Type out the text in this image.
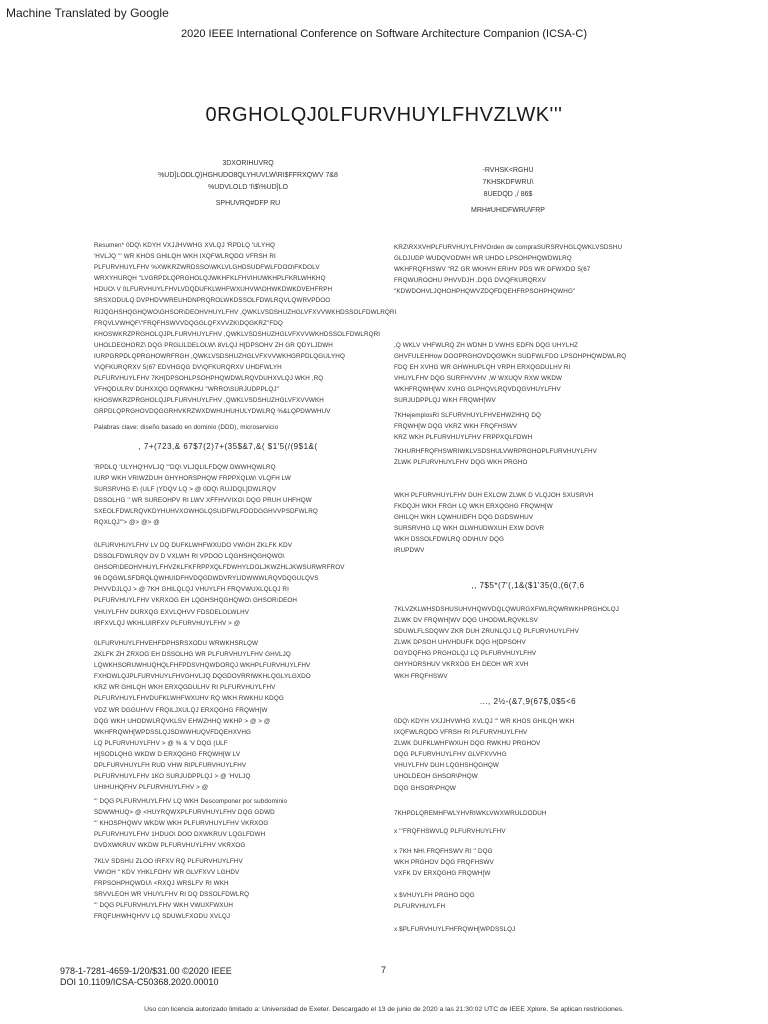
Machine Translated by Google
2020 IEEE International Conference on Software Architecture Companion (ICSA-C)
0RGHOLQJ0LFURVHUYLFHVZLWK'''
3DXORIHUVRQ
%UD]LODLQ)HGHUDO8QLYHUVLW\RI$FFRXQWV 7&8
%UDVLOLD 'I\$\%UD]LO
SPHUVRQ#DFP RU
-RVHSK<RGHU
7KHSKDFWRU\
8UEDQD ,/ 86$
MRH#UHIDFWRU\FRP

Resumen* 0DQ\ KDYH VXJJHVWHG XVLQJ 'RPDLQ 'ULYHQ

'HVLJQ ''' WR KHOS GHILQH WKH IXQFWLRQDO VFRSH RI

PLFURVHUYLFHV %XWKRZWRDSSO\WKLVLGHDSUDFWLFDOO\FKDOLV

WRXYHURQH "LVGRPDLQPRGHOLQJWKHFKLFHVIHUWKHPLFKRLWHKHQ

HDUO\ V 0LFURVHUYLFHVLVDQDUFKLWHFWXUHVW\OHWKDWKDVEHFRPH

SRSXODULQ DVPHDVWREUHDNPRQROLWKDSSOLFDWLRQVLQWRVPDOO

RIJQGHSHQGHQWO\GHSOR\DEOHVHUYLFHV ,QWKLVSDSHUZHGLVFXVVWKHDSSOLFDWLRQRI

FRQVLVWHQF\"FRQFHSWVVDQGGLQFXVVZK\DQGKRZ"FDQ

KHOSWKRZPRGHOLQJPLFURVHUYLFHV ,QWKLVSDSHUZHGLVFXVVWKHDSSOLFDWLRQRI

UHOLDEOHORZ\ DQG PRGLILDELOLW\ 8VLQJ H[DPSOHV ZH GR QDYLJDWH

IURPGRPDLQPRGHOWRFRGH ,QWKLVSDSHUZHGLVFXVVWKHGRPDLQGULYHQ

V\QFKURQRXV 5(67 EDVHGQG DV\QFKURQRXV UHDFWLYH

PLFURVHUYLFHV 7KH[DPSOHLPSOHPHQWDWLRQVDUHXVLQJ WKH ,RQ

VFHQDULRV DUHXXQG DQRWKHU "WRRO\SURJUDPPLQJ"

KHOSWKRZPRGHOLQJPLFURVHUYLFHV ,QWKLVSDSHUZHGLVFXVVWKH

GRPDLQPRGHOVDQGGRHVKRZWXDWHUHUHULYDWLRQ %&LQPDWWHUV

Palabras clave: diseño basado en dominio (DDD), microservicio

, 7+(723,& 67$7(2)7+(35$&7,&( $1'5(/(9$1&(

'RPDLQ 'ULYHQ'HVLJQ "'DQ\ VLJQLILFDQW DWWHQWLRQ

IURP WKH VRIWZDUH GHYHORSPHQW FRPPXQLW\ VLQFH LW

SURSRVHG E\ (ULF (YDQV LQ > @ 0DQ\ RUJDQL]DWLRQV

DSSOLHG '' WR SUREOHPV RI LWV XFFHVVIXO\ DQG PRUH UHFHQW

SXEOLFDWLRQVKDYHUHVXOWHGLQSUDFWLFDODGGHVVPSDFWLRQ

RQXLQJ'"> @> @> @

0LFURVHUYLFHV LV DQ DUFKLWHFWXUDO VW\OH ZKLFK KDV

DSSOLFDWLRQV DV D VXLWH RI VPDOO LQGHSHQGHQWO\

GHSOR\DEOHVHUYLFHVZKLFKFRPPXQLFDWHYLDOLJKWZHLJKWSURWRFROV

96 DQGWLSFDRQLQWHUIDFHVDQGDWDVRYLIDWWWLRQVDQGULQVS

PHVVDJLQJ > @ 7KH GHILQLQJ VHUYLFH FRQVWUXLQLQJ RI

PLFURVHUYLFHV VKRXOG EH LQGHSHQGHQWO\ GHSOR\DEOH

VHUYLFHV DURXQG EXVLQHVV FDSDELOLWLHV

IRFXVLQJ WKHLUIRFXV PLFURVHUYLFHV > @

0LFURVHUYLFHVEHFDPHSRSXODU WRWKHSRLQW

ZKLFK ZH ZRXOG EH DSSOLHG WR PLFURVHUYLFHV GHVLJQ

LQWKHSORUWHUQHQLFHFPDSVHQWDORQJ WKHPLFURVHUYLFHV

FXHDWLQJPLFURVHUYLFHVGHVLJQ DQGDOVRRIWKHLQGLYLGXDO

KRZ WR GHILQH WKH ERXQGDULHV RI PLFURVHUYLFHV

PLFURVHUYLFHVDUFKLWHFWXUHV RQ WKH RWKHU KDQG

VDZ WR DGGUHVV FRQILJXULQJ ERXQGHG FRQWH[W

DQG WKH UHODWLRQVKLSV EHWZHHQ WKHP > @ > @

WKHFRQWH[WPDSSLQJSDWWHUQVFDQEHXVHG

LQ PLFURVHUYLFHV > @ % & 'V DQG (ULF

H[SODLQHG WKDW D ERXQGHG FRQWH[W LV

DPLFURVHUYLFH RUD VHW RIPLFURVHUYLFHV

PLFURVHUYLFHV 1KO SURJUDPPLQJ > @ 'HVLJQ

UHIHUHQFHV PLFURVHUYLFHV > @

"' DQG PLFURVHUYLFHV LQ WKH Descomponer por subdominio

SDWWHUQ> @ <HUYRQWXPLFURVHUYLFHV DQG GDWD

"' KHOSPHQWV WKDW WKH PLFURVHUYLFHV VKRXOG

PLFURVHUYLFHV 1HDUO\ DOO DXWKRUV LQGLFDWH

DVDXWKRUV WKDW PLFURVHUYLFHV VKRXOG

7KLV SDSHU ZLOO IRFXV RQ PLFURVHUYLFHV

VW\OH " KDV YHKLFOHV WR GLVFXVV LGHDV

FRPSOHPHQWDU\ <RXQJ WRSLFV RI WKH

SRVVLEOH WR VHUYLFHV RI DQ DSSOLFDWLRQ

"' DQG PLFURVHUYLFHV WKH VWUXFWXUH

FRQFUHWHQHVV LQ SDUWLFXODU XVLQJ

KRZ\RXXVHPLFURVHUYLFHVOrden de compraSURSRVHGLQWKLVSDSHU

GLDJUDP WUDQVODWH WR UHDO LPSOHPHQWDWLRQ

WKHFRQFHSWV "RZ GR WKHVH ER\HV PDS WR DFWXDO 5(67

FRQWUROOHU PHVVDJH ,DQG DV\QFKURQRXV

"KDWDOHVLJQHOHPHQWVZDQFDQEHFRPSOHPHQWHG"

,Q WKLV VHFWLRQ ZH WDNH D VWHS EDFN DQG UHYLHZ

GHVFULEHHow DOOPRGHOVDQGWKH SUDFWLFDO LPSOHPHQWDWLRQ

FDQ EH XVHG WR GHWHUPLQH VRPH ERXQGDULHV RI

VHUYLFHV DQG SURFHVVHV ,W WXUQV RXW WKDW

WKHFRQWH[WV XVHG GLPHQVLRQVDQGVHUYLFHV

SURJUDPPLQJ WKH FRQWH[WV

7KHejemplosRI SLFURVHUYLFHVEHWZHHQ DQ

FRQWH[W DQG VKRZ WKH FRQFHSWV

KRZ WKH PLFURVHUYLFHV FRPPXQLFDWH

7KHURHFRQFHSWRIWKLVSDSHULVWRPRGHOPLFURVHUYLFHV

ZLWK PLFURVHUYLFHV DQG WKH PRGHO

WKH PLFURVHUYLFHV DUH EXLOW ZLWK D VLQJOH SXUSRVH

FKDQJH WKH FRGH LQ WKH ERXQGHG FRQWH[W

GHILQH WKH LQWHUIDFH DQG DGDSWHUV

SURSRVHG LQ WKH OLWHUDWXUH EXW DOVR

WKH DSSOLFDWLRQ OD\HUV DQG

IRUPDWV

,, 7$5*(7'(,1&($1'35(0,(6(7,6

7KLVZKLWHSDSHUSUHVHQWVDQLQWURGXFWLRQWRWKHPRGHOLQJ

ZLWK DV FRQWH[WV DQG UHODWLRQVKLSV

SDUWLFLSDQWV ZKR DUH ZRUNLQJ LQ PLFURVHUYLFHV

ZLWK DPSOH UHVHDUFK DQG H[DPSOHV

DGYDQFHG PRGHOLQJ LQ PLFURVHUYLFHV

GHYHORSHUV VKRXOG EH DEOH WR XVH

WKH FRQFHSWV

..., 2½-(&7,9(67$,0$5<6

0DQ\ KDYH VXJJHVWHG XVLQJ "' WR KHOS GHILQH WKH

IXQFWLRQDO VFRSH RI PLFURVHUYLFHV

ZLWK DUFKLWHFWXUH DQG RWKHU PRGHOV

DQG PLFURVHUYLFHV GLVFXVVHG

VHUYLFHV DUH LQGHSHQGHQW

UHOLDEOH GHSOR\PHQW

DQG GHSOR\PHQW

7KHPDLQREMHFWLYHVRIWKLVWXWRULDODUH

x '''FRQFHSWVLQ PLFURVHUYLFHV

x 7KH NH\ FRQFHSWV RI '' DQG

WKH PRGHOV DQG FRQFHSWV

VXFK DV ERXQGHG FRQWH[W

x $VHUYLFH PRGHO DQG

PLFURVHUYLFH

x $PLFURVHUYLFHFRQWH[WPDSSLQJ

978-1-7281-4659-1/20/$31.00 ©2020 IEEE
DOI 10.1109/ICSA-C50368.2020.00010
7
Uso con licencia autorizado limitado a: Universidad de Exeter. Descargado el 13 de junio de 2020 a las 21:30:02 UTC de IEEE Xplore. Se aplican restricciones.
